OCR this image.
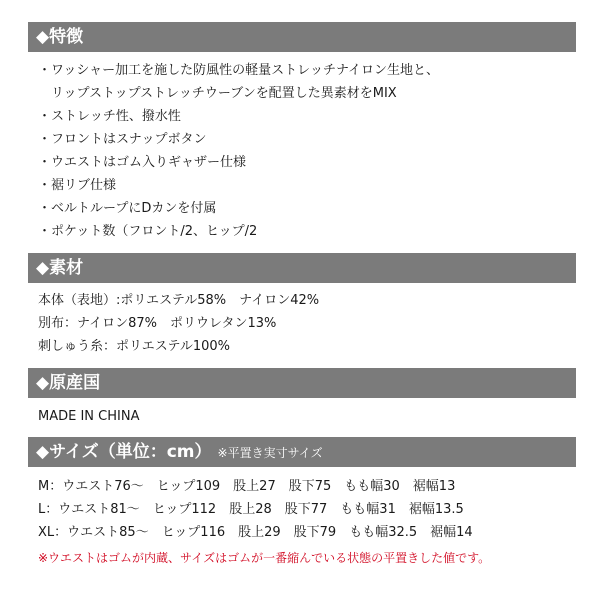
◆特徴
・ワッシャー加工を施した防風性の軽量ストレッチナイロン生地と、
　リップストップストレッチウーブンを配置した異素材をMIX
・ストレッチ性、撥水性
・フロントはスナップボタン
・ウエストはゴム入りギャザー仕様
・裾リブ仕様
・ベルトループにDカンを付属
・ポケット数（フロント/2、ヒップ/2
◆素材
本体（表地）:ポリエステル58%　ナイロン42%
別布：ナイロン87%　ポリウレタン13%
刺しゅう糸：ポリエステル100%
◆原産国
MADE IN CHINA
◆サイズ（単位：cm） ※平置き実寸サイズ
M：ウエスト76〜　ヒップ109　股上27　股下75　もも幅30　裾幅13
L：ウエスト81〜　ヒップ112　股上28　股下77　もも幅31　裾幅13.5
XL：ウエスト85〜　ヒップ116　股上29　股下79　もも幅32.5　裾幅14
※ウエストはゴムが内蔵、サイズはゴムが一番縮んでいる状態の平置きした値です。
